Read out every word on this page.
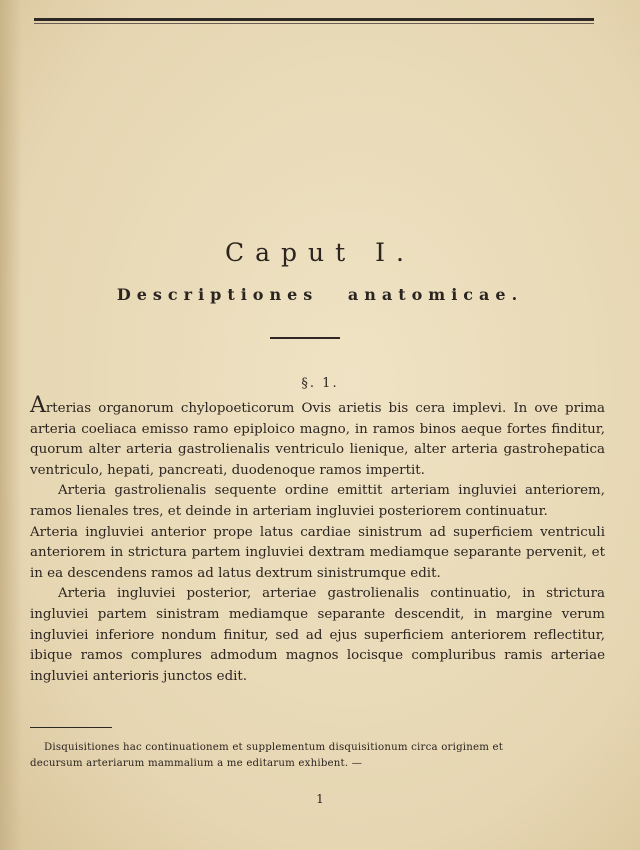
Caput I.
Descriptiones anatomicae.
§. 1.

Arterias organorum chylopoeticorum Ovis arietis bis cera implevi. In ove prima arteria coeliaca emisso ramo epiploico magno, in ramos binos aeque fortes finditur, quorum alter arteria gastrolienalis ventriculo lienique, alter arteria gastrohepatica ventriculo, hepati, pancreati, duodenoque ramos impertit.

Arteria gastrolienalis sequente ordine emittit arteriam ingluviei anteriorem, ramos lienales tres, et deinde in arteriam ingluviei posteriorem continuatur.

Arteria ingluviei anterior prope latus cardiae sinistrum ad superficiem ventriculi anteriorem in strictura partem ingluviei dextram mediamque separante pervenit, et in ea descendens ramos ad latus dextrum sinistrumque edit.

Arteria ingluviei posterior, arteriae gastrolienalis continuatio, in strictura ingluviei partem sinistram mediamque separante descendit, in margine verum ingluviei inferiore nondum finitur, sed ad ejus superficiem anteriorem reflectitur, ibique ramos complures admodum magnos locisque compluribus ramis arteriae ingluviei anterioris junctos edit.

Disquisitiones hac continuationem et supplementum disquisitionum circa originem et

decursum arteriarum mammalium a me editarum exhibent. —

1
